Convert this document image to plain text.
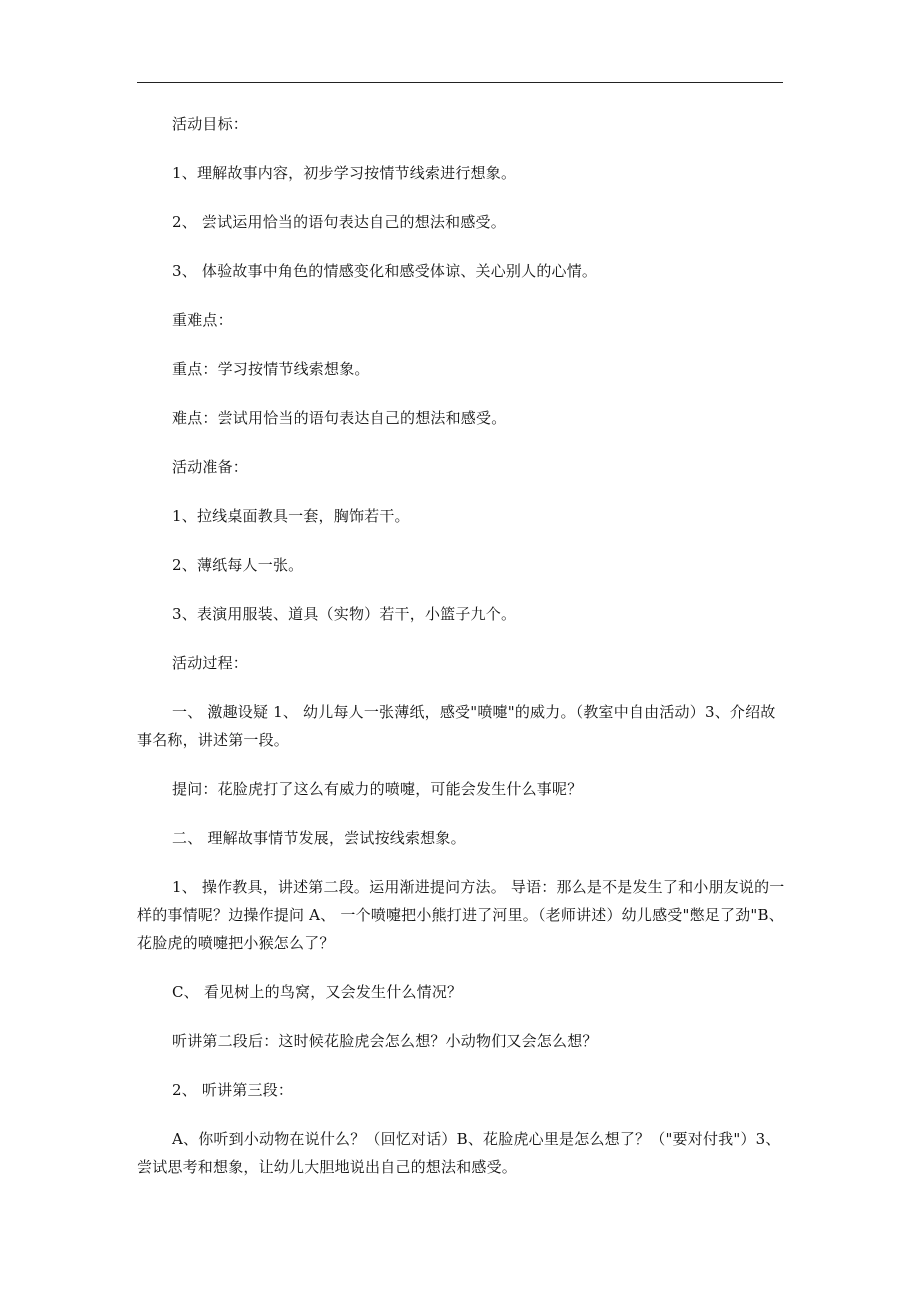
活动目标：

1、理解故事内容，初步学习按情节线索进行想象。

2、 尝试运用恰当的语句表达自己的想法和感受。

3、 体验故事中角色的情感变化和感受体谅、关心别人的心情。

重难点：

重点：学习按情节线索想象。

难点：尝试用恰当的语句表达自己的想法和感受。

活动准备：

1、拉线桌面教具一套，胸饰若干。

2、薄纸每人一张。

3、表演用服装、道具（实物）若干，小篮子九个。

活动过程：

一、 激趣设疑 1、 幼儿每人一张薄纸，感受"喷嚏"的威力。（教室中自由活动）3、介绍故事名称，讲述第一段。

提问：花脸虎打了这么有威力的喷嚏，可能会发生什么事呢？

二、 理解故事情节发展，尝试按线索想象。

1、 操作教具，讲述第二段。运用渐进提问方法。 导语：那么是不是发生了和小朋友说的一样的事情呢？边操作提问 A、 一个喷嚏把小熊打进了河里。（老师讲述）幼儿感受"憋足了劲"B、 花脸虎的喷嚏把小猴怎么了？

C、 看见树上的鸟窝，又会发生什么情况？

听讲第二段后：这时候花脸虎会怎么想？小动物们又会怎么想？

2、 听讲第三段：

A、你听到小动物在说什么？（回忆对话）B、花脸虎心里是怎么想了？（"要对付我"）3、 尝试思考和想象，让幼儿大胆地说出自己的想法和感受。
